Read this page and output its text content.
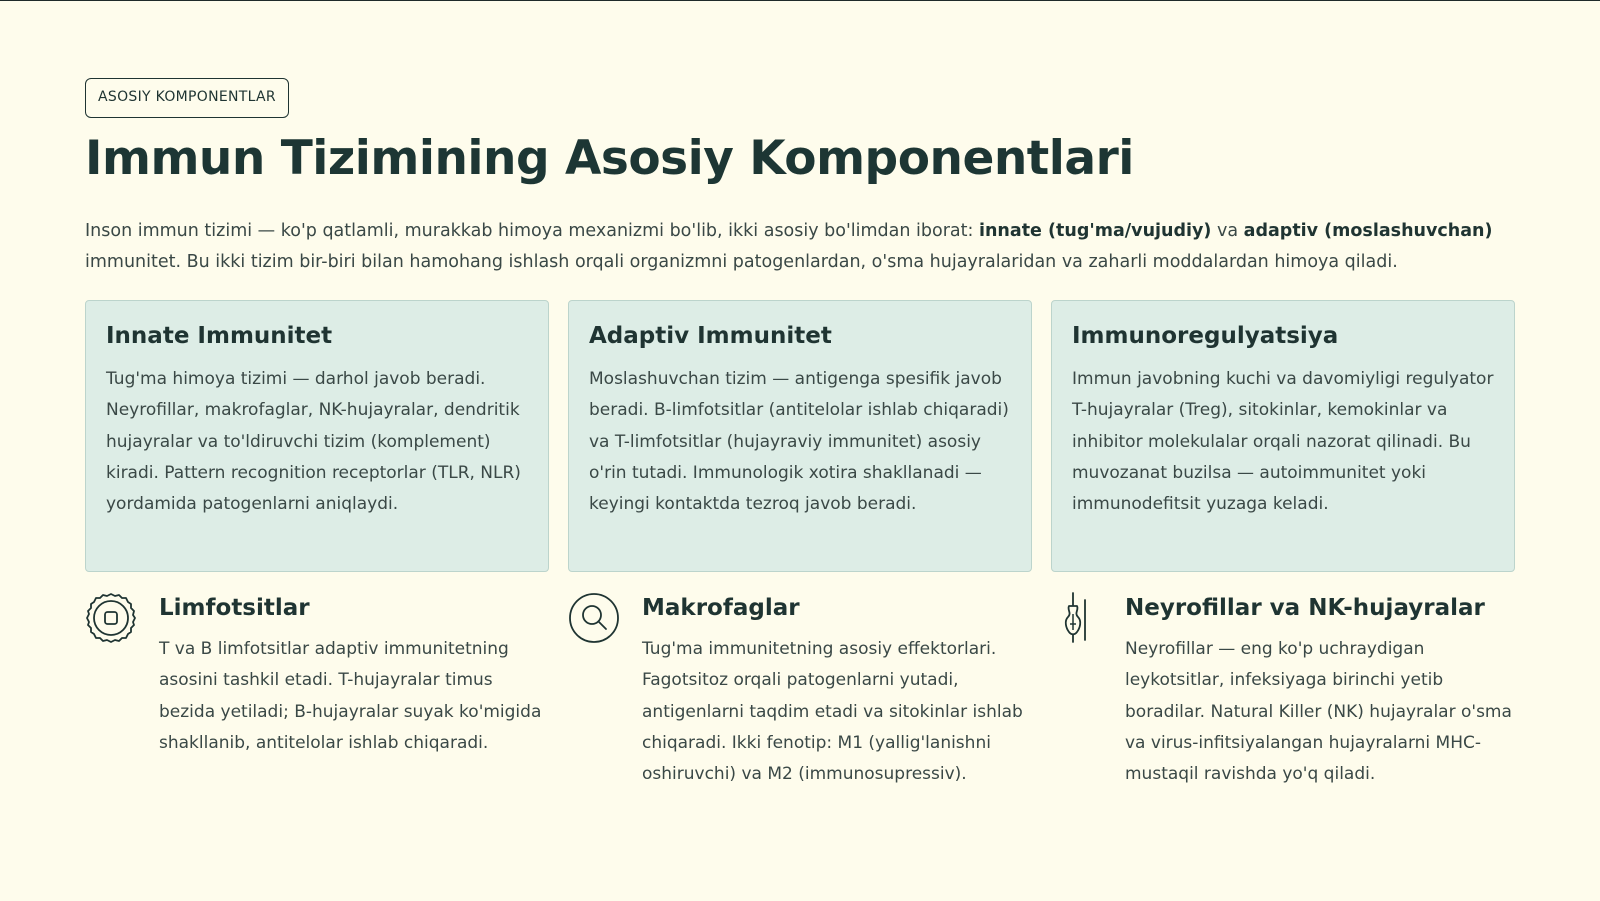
ASOSIY KOMPONENTLAR
Immun Tizimining Asosiy Komponentlari

Inson immun tizimi — ko'p qatlamli, murakkab himoya mexanizmi bo'lib, ikki asosiy bo'limdan iborat: innate (tug'ma/vujudiy) va adaptiv (moslashuvchan) immunitet. Bu ikki tizim bir-biri bilan hamohang ishlash orqali organizmni patogenlardan, o'sma hujayralaridan va zaharli moddalardan himoya qiladi.

Innate Immunitet
Tug'ma himoya tizimi — darhol javob beradi. Neyrofillar, makrofaglar, NK-hujayralar, dendritik hujayralar va to'ldiruvchi tizim (komplement) kiradi. Pattern recognition receptorlar (TLR, NLR) yordamida patogenlarni aniqlaydi.
Adaptiv Immunitet
Moslashuvchan tizim — antigenga spesifik javob beradi. B-limfotsitlar (antitelolar ishlab chiqaradi) va T-limfotsitlar (hujayraviy immunitet) asosiy o'rin tutadi. Immunologik xotira shakllanadi — keyingi kontaktda tezroq javob beradi.
Immunoregulyatsiya
Immun javobning kuchi va davomiyligi regulyator T-hujayralar (Treg), sitokinlar, kemokinlar va inhibitor molekulalar orqali nazorat qilinadi. Bu muvozanat buzilsa — autoimmunitet yoki immunodefitsit yuzaga keladi.
Limfotsitlar
T va B limfotsitlar adaptiv immunitetning asosini tashkil etadi. T-hujayralar timus bezida yetiladi; B-hujayralar suyak ko'migida shakllanib, antitelolar ishlab chiqaradi.
Makrofaglar
Tug'ma immunitetning asosiy effektorlari. Fagotsitoz orqali patogenlarni yutadi, antigenlarni taqdim etadi va sitokinlar ishlab chiqaradi. Ikki fenotip: M1 (yallig'lanishni oshiruvchi) va M2 (immunosupressiv).
Neyrofillar va NK-hujayralar
Neyrofillar — eng ko'p uchraydigan leykotsitlar, infeksiyaga birinchi yetib boradilar. Natural Killer (NK) hujayralar o'sma va virus-infitsiyalangan hujayralarni MHC-mustaqil ravishda yo'q qiladi.
